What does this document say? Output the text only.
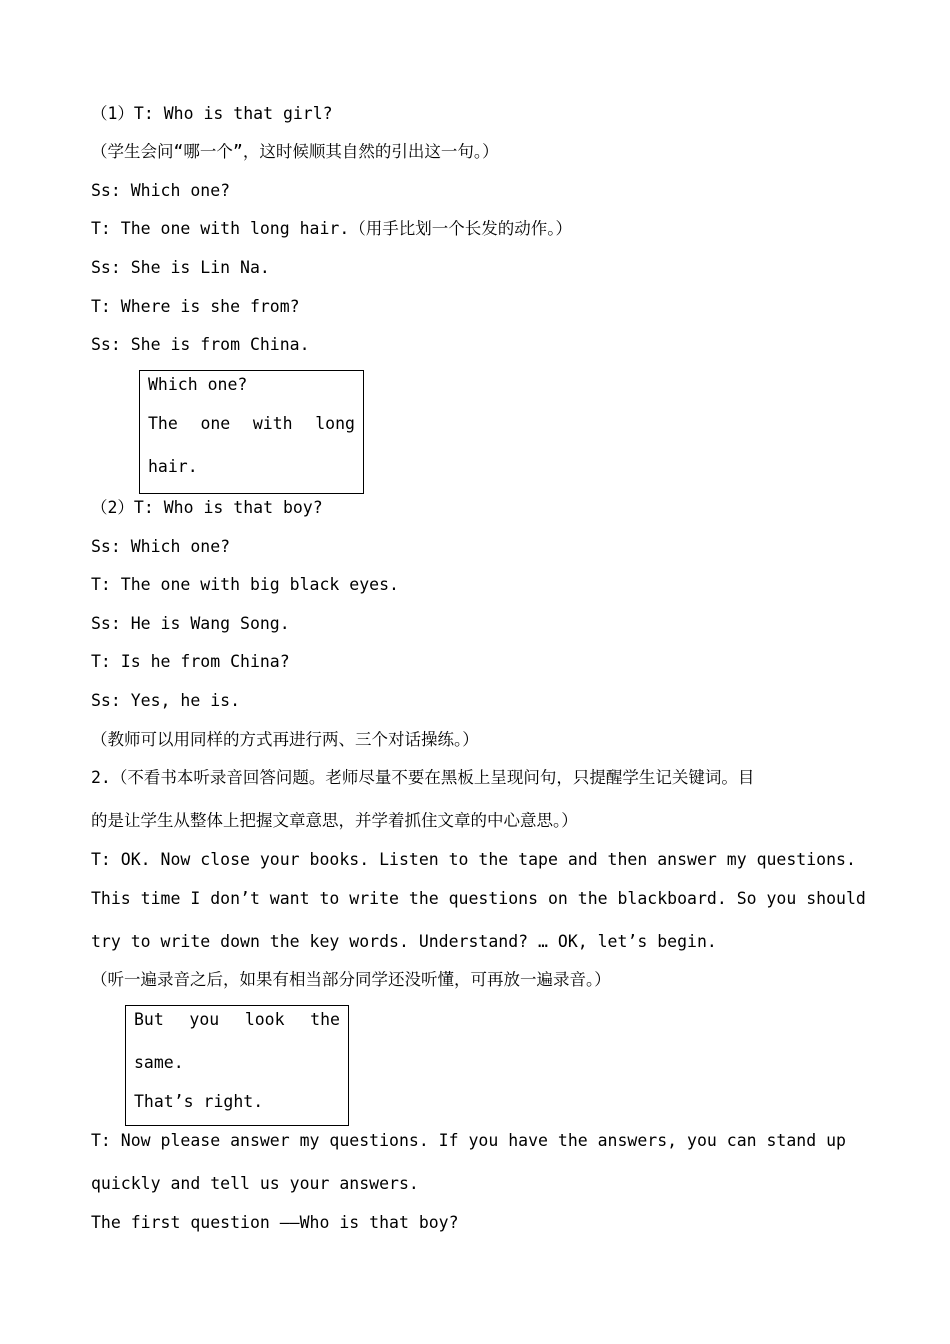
（1）T: Who is that girl?
（学生会问“哪一个”，这时候顺其自然的引出这一句。）
Ss: Which one?
T: The one with long hair.（用手比划一个长发的动作。）
Ss: She is Lin Na.
T: Where is she from?
Ss: She is from China.
Which one?
The one with long
hair.
（2）T: Who is that boy?
Ss: Which one?
T: The one with big black eyes.
Ss: He is Wang Song.
T: Is he from China?
Ss: Yes, he is.
（教师可以用同样的方式再进行两、三个对话操练。）
2.（不看书本听录音回答问题。老师尽量不要在黑板上呈现问句，只提醒学生记关键词。目
的是让学生从整体上把握文章意思，并学着抓住文章的中心意思。）
T: OK. Now close your books. Listen to the tape and then answer my questions.
This time I don’t want to write the questions on the blackboard. So you should
try to write down the key words. Understand? … OK, let’s begin.
（听一遍录音之后，如果有相当部分同学还没听懂，可再放一遍录音。）
But you look the
same.
That’s right.
T: Now please answer my questions. If you have the answers, you can stand up
quickly and tell us your answers.
The first question ——Who is that boy?
